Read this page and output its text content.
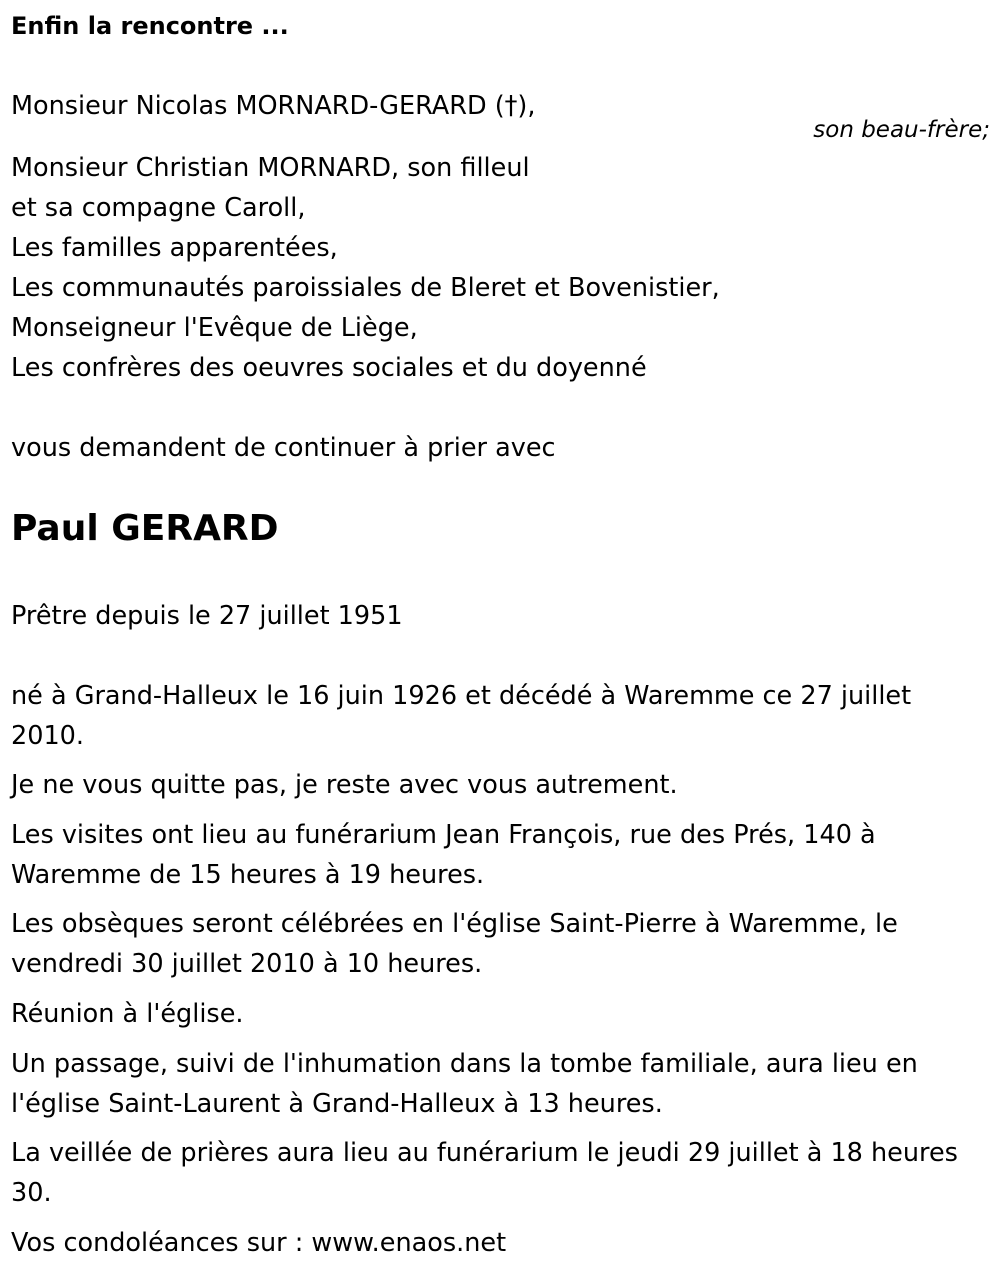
Enfin la rencontre ...
Monsieur Nicolas MORNARD-GERARD (†),
son beau-frère;
Monsieur Christian MORNARD, son filleul
et sa compagne Caroll,
Les familles apparentées,
Les communautés paroissiales de Bleret et Bovenistier,
Monseigneur l'Evêque de Liège,
Les confrères des oeuvres sociales et du doyenné
vous demandent de continuer à prier avec
Paul GERARD
Prêtre depuis le 27 juillet 1951
né à Grand-Halleux le 16 juin 1926 et décédé à Waremme ce 27 juillet 2010.
Je ne vous quitte pas, je reste avec vous autrement.
Les visites ont lieu au funérarium Jean François, rue des Prés, 140 à Waremme de 15 heures à 19 heures.
Les obsèques seront célébrées en l'église Saint-Pierre à Waremme, le vendredi 30 juillet 2010 à 10 heures.
Réunion à l'église.
Un passage, suivi de l'inhumation dans la tombe familiale, aura lieu en l'église Saint-Laurent à Grand-Halleux à 13 heures.
La veillée de prières aura lieu au funérarium le jeudi 29 juillet à 18 heures 30.
Vos condoléances sur : www.enaos.net
